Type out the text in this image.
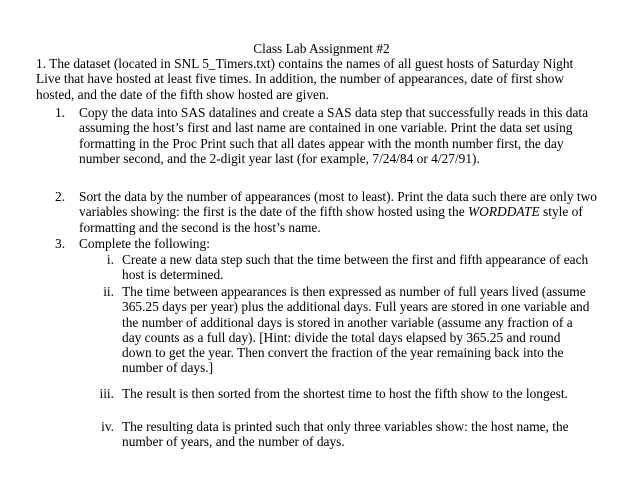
Class Lab Assignment #2
1. The dataset (located in SNL 5_Timers.txt) contains the names of all guest hosts of Saturday Night Live that have hosted at least five times. In addition, the number of appearances, date of first show hosted, and the date of the fifth show hosted are given.
1.	Copy the data into SAS datalines and create a SAS data step that successfully reads in this data assuming the host’s first and last name are contained in one variable. Print the data set using formatting in the Proc Print such that all dates appear with the month number first, the day number second, and the 2-digit year last (for example, 7/24/84 or 4/27/91).
2.	Sort the data by the number of appearances (most to least). Print the data such there are only two variables showing: the first is the date of the fifth show hosted using the WORDDATE style of formatting and the second is the host’s name.
3.	Complete the following:
i. Create a new data step such that the time between the first and fifth appearance of each host is determined.
ii. The time between appearances is then expressed as number of full years lived (assume 365.25 days per year) plus the additional days. Full years are stored in one variable and the number of additional days is stored in another variable (assume any fraction of a day counts as a full day). [Hint: divide the total days elapsed by 365.25 and round down to get the year. Then convert the fraction of the year remaining back into the number of days.]
iii. The result is then sorted from the shortest time to host the fifth show to the longest.
iv. The resulting data is printed such that only three variables show: the host name, the number of years, and the number of days.
